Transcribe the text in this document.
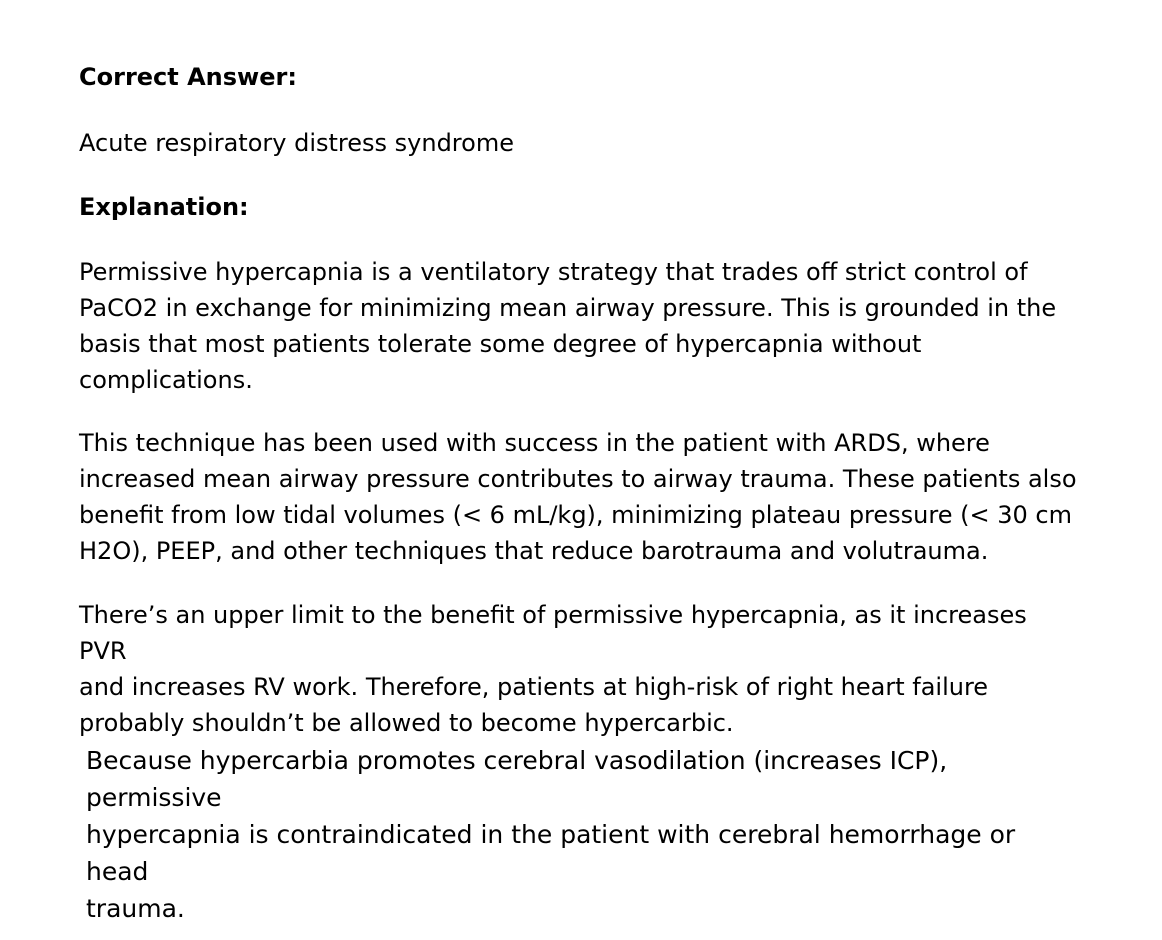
Correct Answer:
Acute respiratory distress syndrome
Explanation:
Permissive hypercapnia is a ventilatory strategy that trades off strict control of
PaCO2 in exchange for minimizing mean airway pressure. This is grounded in the
basis that most patients tolerate some degree of hypercapnia without
complications.
This technique has been used with success in the patient with ARDS, where
increased mean airway pressure contributes to airway trauma. These patients also
benefit from low tidal volumes (< 6 mL/kg), minimizing plateau pressure (< 30 cm
H2O), PEEP, and other techniques that reduce barotrauma and volutrauma.
There’s an upper limit to the benefit of permissive hypercapnia, as it increases PVR
and increases RV work. Therefore, patients at high-risk of right heart failure
probably shouldn’t be allowed to become hypercarbic.
Because hypercarbia promotes cerebral vasodilation (increases ICP), permissive
hypercapnia is contraindicated in the patient with cerebral hemorrhage or head
trauma.
